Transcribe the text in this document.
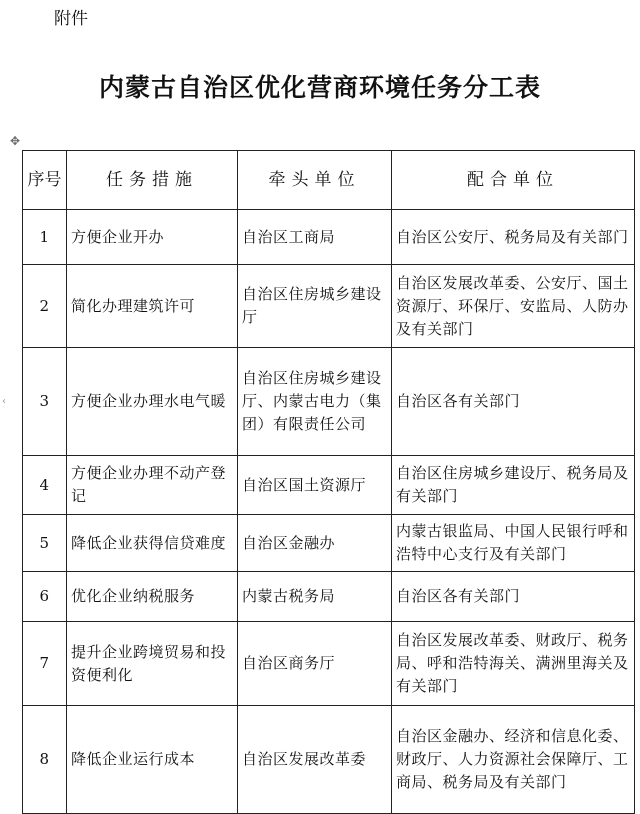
附件
内蒙古自治区优化营商环境任务分工表
✥
‹
序号	任务措施	牵头单位	配合单位
1	方便企业开办	自治区工商局	自治区公安厅、税务局及有关部门
2	简化办理建筑许可	自治区住房城乡建设厅	自治区发展改革委、公安厅、国土资源厅、环保厅、安监局、人防办及有关部门
3	方便企业办理水电气暖	自治区住房城乡建设厅、内蒙古电力（集团）有限责任公司	自治区各有关部门
4	方便企业办理不动产登记	自治区国土资源厅	自治区住房城乡建设厅、税务局及有关部门
5	降低企业获得信贷难度	自治区金融办	内蒙古银监局、中国人民银行呼和浩特中心支行及有关部门
6	优化企业纳税服务	内蒙古税务局	自治区各有关部门
7	提升企业跨境贸易和投资便利化	自治区商务厅	自治区发展改革委、财政厅、税务局、呼和浩特海关、满洲里海关及有关部门
8	降低企业运行成本	自治区发展改革委	自治区金融办、经济和信息化委、财政厅、人力资源社会保障厅、工商局、税务局及有关部门
